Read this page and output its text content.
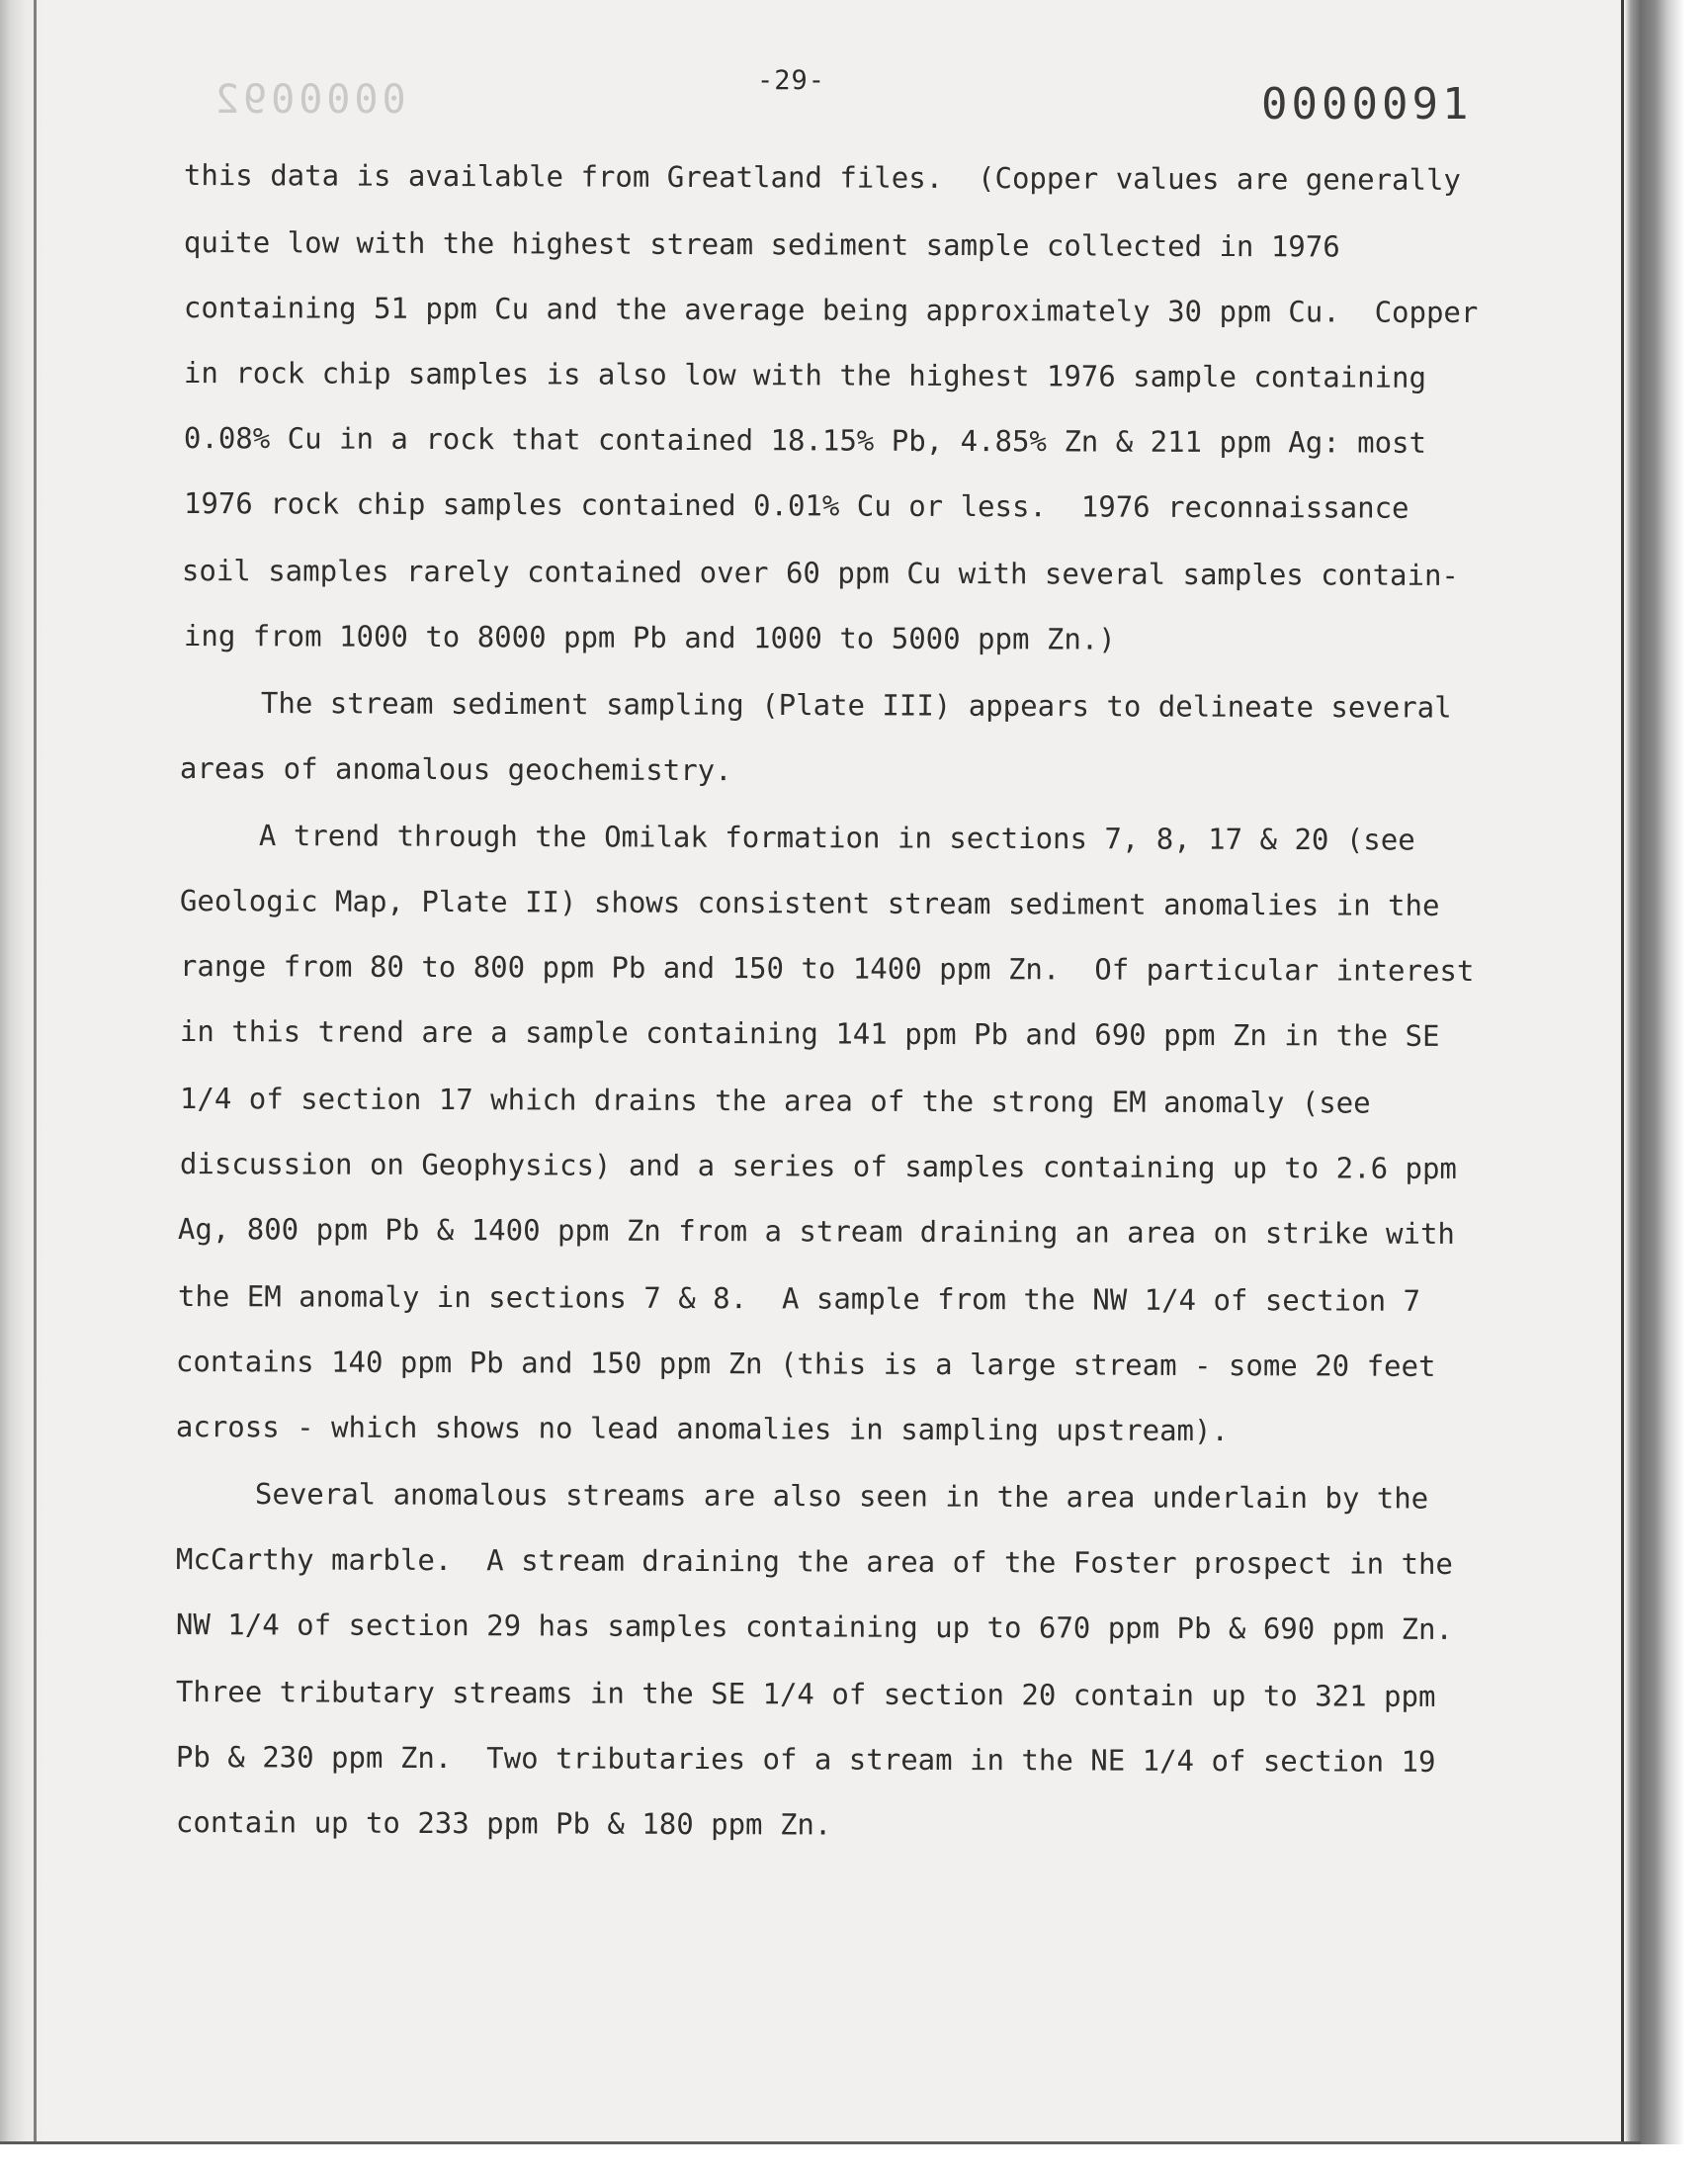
0000092	-29-	0000091
this data is available from Greatland files.  (Copper values are generally
quite low with the highest stream sediment sample collected in 1976
containing 51 ppm Cu and the average being approximately 30 ppm Cu.  Copper
in rock chip samples is also low with the highest 1976 sample containing
0.08% Cu in a rock that contained 18.15% Pb, 4.85% Zn & 211 ppm Ag: most
1976 rock chip samples contained 0.01% Cu or less.  1976 reconnaissance
soil samples rarely contained over 60 ppm Cu with several samples contain-
ing from 1000 to 8000 ppm Pb and 1000 to 5000 ppm Zn.)
The stream sediment sampling (Plate III) appears to delineate several
areas of anomalous geochemistry.
A trend through the Omilak formation in sections 7, 8, 17 & 20 (see
Geologic Map, Plate II) shows consistent stream sediment anomalies in the
range from 80 to 800 ppm Pb and 150 to 1400 ppm Zn.  Of particular interest
in this trend are a sample containing 141 ppm Pb and 690 ppm Zn in the SE
1/4 of section 17 which drains the area of the strong EM anomaly (see
discussion on Geophysics) and a series of samples containing up to 2.6 ppm
Ag, 800 ppm Pb & 1400 ppm Zn from a stream draining an area on strike with
the EM anomaly in sections 7 & 8.  A sample from the NW 1/4 of section 7
contains 140 ppm Pb and 150 ppm Zn (this is a large stream - some 20 feet
across - which shows no lead anomalies in sampling upstream).
Several anomalous streams are also seen in the area underlain by the
McCarthy marble.  A stream draining the area of the Foster prospect in the
NW 1/4 of section 29 has samples containing up to 670 ppm Pb & 690 ppm Zn.
Three tributary streams in the SE 1/4 of section 20 contain up to 321 ppm
Pb & 230 ppm Zn.  Two tributaries of a stream in the NE 1/4 of section 19
contain up to 233 ppm Pb & 180 ppm Zn.
